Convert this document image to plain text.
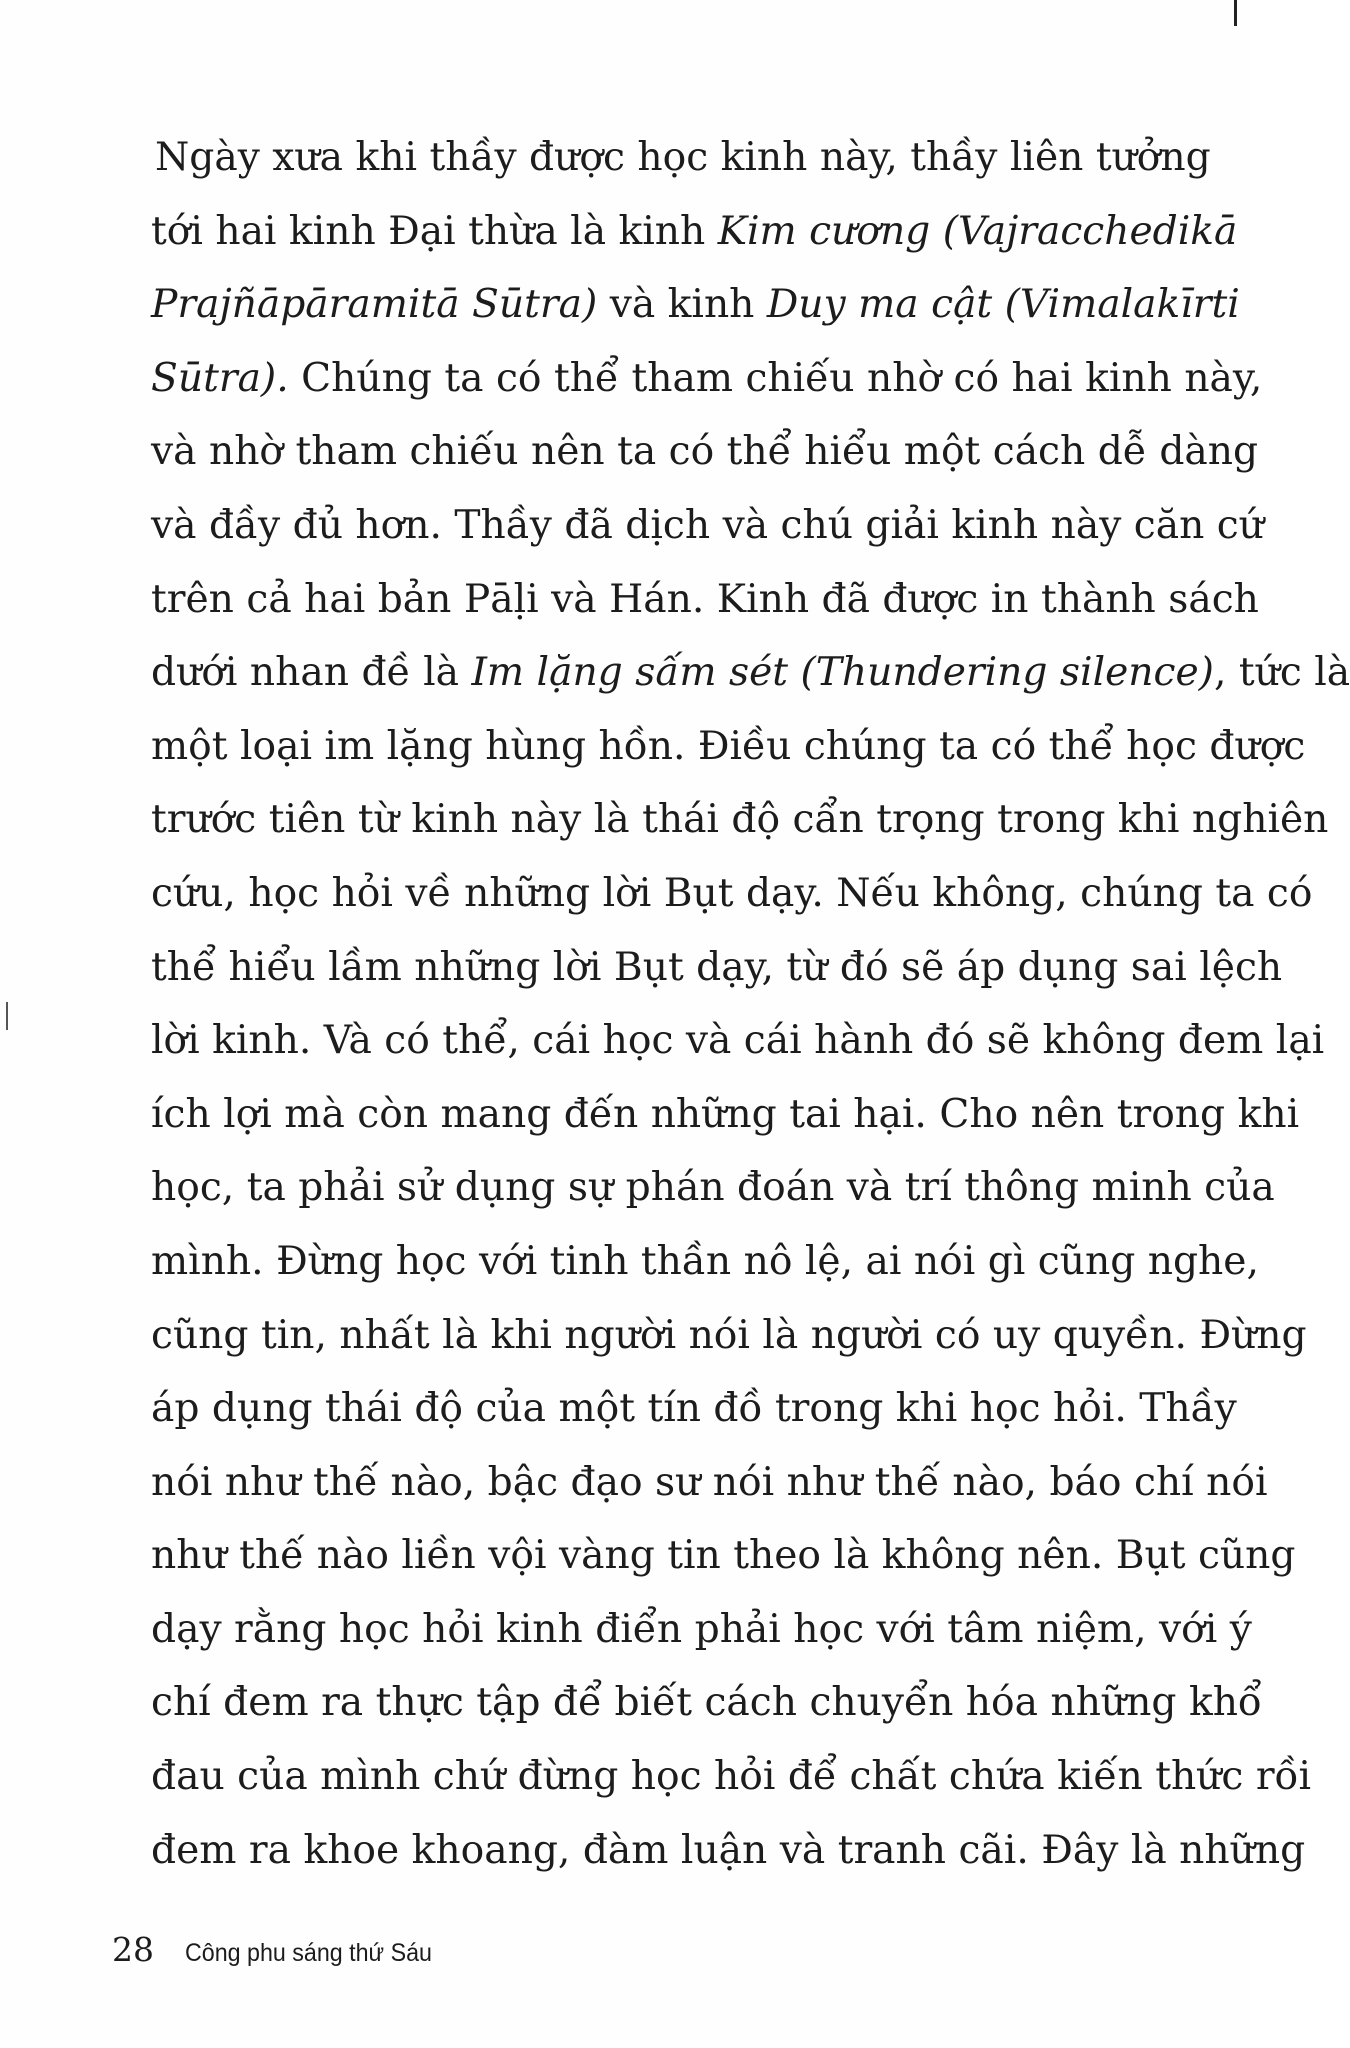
Ngày xưa khi thầy được học kinh này, thầy liên tưởng
tới hai kinh Đại thừa là kinh Kim cương (Vajracchedikā
Prajñāpāramitā Sūtra) và kinh Duy ma cật (Vimalakīrti
Sūtra). Chúng ta có thể tham chiếu nhờ có hai kinh này,
và nhờ tham chiếu nên ta có thể hiểu một cách dễ dàng
và đầy đủ hơn. Thầy đã dịch và chú giải kinh này căn cứ
trên cả hai bản Pāḷi và Hán. Kinh đã được in thành sách
dưới nhan đề là Im lặng sấm sét (Thundering silence), tức là
một loại im lặng hùng hồn. Điều chúng ta có thể học được
trước tiên từ kinh này là thái độ cẩn trọng trong khi nghiên
cứu, học hỏi về những lời Bụt dạy. Nếu không, chúng ta có
thể hiểu lầm những lời Bụt dạy, từ đó sẽ áp dụng sai lệch
lời kinh. Và có thể, cái học và cái hành đó sẽ không đem lại
ích lợi mà còn mang đến những tai hại. Cho nên trong khi
học, ta phải sử dụng sự phán đoán và trí thông minh của
mình. Đừng học với tinh thần nô lệ, ai nói gì cũng nghe,
cũng tin, nhất là khi người nói là người có uy quyền. Đừng
áp dụng thái độ của một tín đồ trong khi học hỏi. Thầy
nói như thế nào, bậc đạo sư nói như thế nào, báo chí nói
như thế nào liền vội vàng tin theo là không nên. Bụt cũng
dạy rằng học hỏi kinh điển phải học với tâm niệm, với ý
chí đem ra thực tập để biết cách chuyển hóa những khổ
đau của mình chứ đừng học hỏi để chất chứa kiến thức rồi
đem ra khoe khoang, đàm luận và tranh cãi. Đây là những
28 Công phu sáng thứ Sáu
